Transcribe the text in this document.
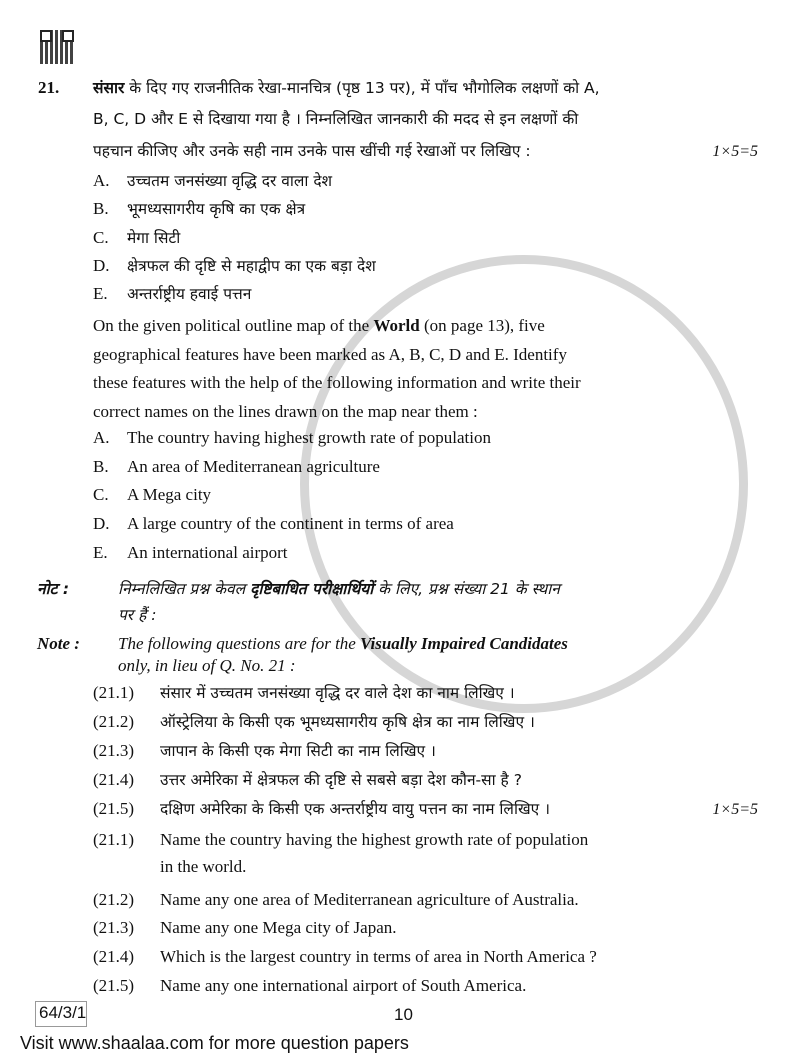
21. संसार के दिए गए राजनीतिक रेखा-मानचित्र (पृष्ठ 13 पर), में पाँच भौगोलिक लक्षणों को A,
B, C, D और E से दिखाया गया है । निम्नलिखित जानकारी की मदद से इन लक्षणों की
पहचान कीजिए और उनके सही नाम उनके पास खींची गई रेखाओं पर लिखिए :	1×5=5
On the given political outline map of the World (on page 13), five
geographical features have been marked as A, B, C, D and E. Identify
these features with the help of the following information and write their
correct names on the lines drawn on the map near them :
नोट :	निम्नलिखित प्रश्न केवल दृष्टिबाधित परीक्षार्थियों के लिए, प्रश्न संख्या 21 के स्थान
पर हैं :
Note : The following questions are for the Visually Impaired Candidates
only, in lieu of Q. No. 21 :
1×5=5
in the world.
64/3/1	10
Visit www.shaalaa.com for more question papers
A. उच्चतम जनसंख्या वृद्धि दर वाला देश
B. भूमध्यसागरीय कृषि का एक क्षेत्र
C. मेगा सिटी
D. क्षेत्रफल की दृष्टि से महाद्वीप का एक बड़ा देश
E. अन्तर्राष्ट्रीय हवाई पत्तन
A. The country having highest growth rate of population
B. An area of Mediterranean agriculture
C. A Mega city
D. A large country of the continent in terms of area
E. An international airport
(21.1) संसार में उच्चतम जनसंख्या वृद्धि दर वाले देश का नाम लिखिए ।
(21.2) ऑस्ट्रेलिया के किसी एक भूमध्यसागरीय कृषि क्षेत्र का नाम लिखिए ।
(21.3) जापान के किसी एक मेगा सिटी का नाम लिखिए ।
(21.4) उत्तर अमेरिका में क्षेत्रफल की दृष्टि से सबसे बड़ा देश कौन-सा है ?
(21.5) दक्षिण अमेरिका के किसी एक अन्तर्राष्ट्रीय वायु पत्तन का नाम लिखिए ।
(21.1) Name the country having the highest growth rate of population
(21.2) Name any one area of Mediterranean agriculture of Australia.
(21.3) Name any one Mega city of Japan.
(21.4) Which is the largest country in terms of area in North America ?
(21.5) Name any one international airport of South America.
